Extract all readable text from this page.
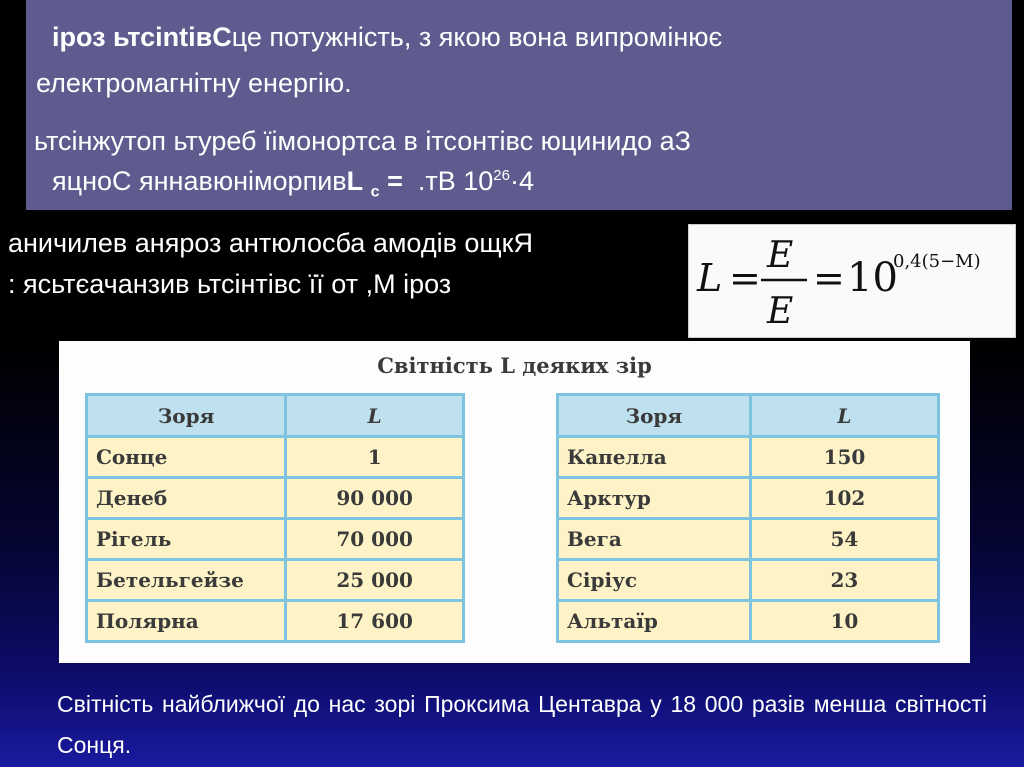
іроз ьтсіntівСце потужність, з якою вона випромінює
електромагнітну енергію.
ьтсінжутоп ьтуреб їімонортса в ітсонтівс юцинидо аЗ
яцноС яннавюніморпивL $_с$ = .тВ $10^{26}\cdot 4$
аничилев аняроз антюлосба амодів ощкЯ
: ясьтєачанзив ьтсінтівс її от ,М іроз	L =
E
E
= 10
0,4(5−M)
Світність L деяких зір
Зоря	L
Сонце	1
Денеб	90 000
Рігель	70 000
Бетельгейзе	25 000
Полярна	17 600
Зоря	L
Капелла	150
Арктур	102
Вега	54
Сіріус	23
Альтаїр	10
Світність найближчої до нас зорі Проксима Центавра у 18 000 разів менша світності Сонця.
